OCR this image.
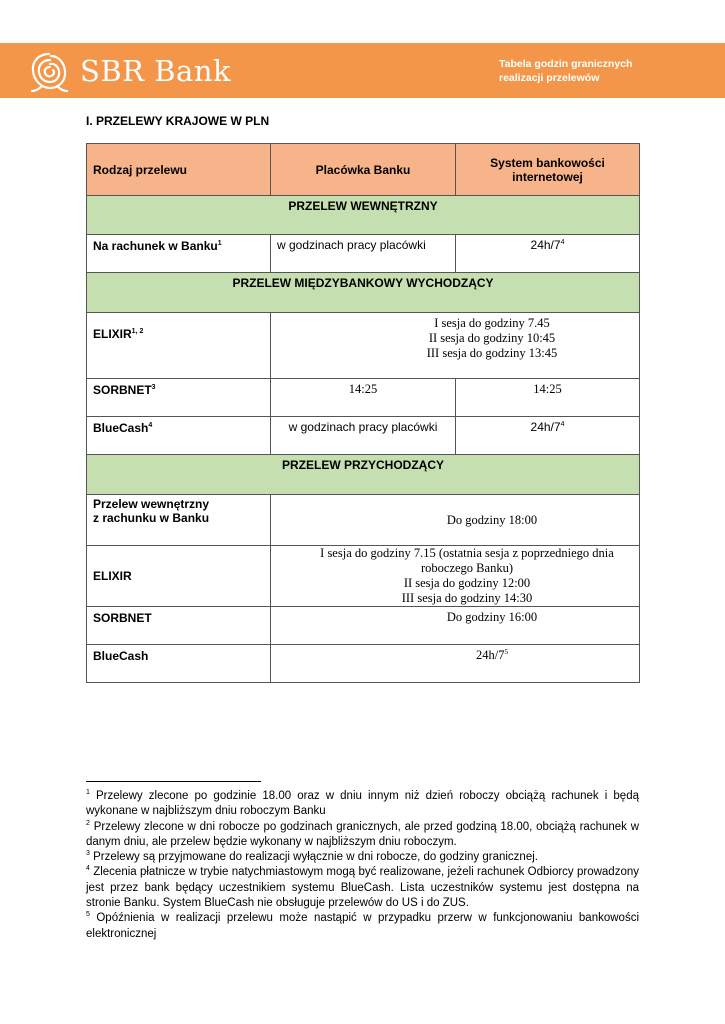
SBR Bank	Tabela godzin granicznych
realizacji przelewów
I. PRZELEWY KRAJOWE W PLN
Rodzaj przelewu	Placówka Banku	System bankowości internetowej
PRZELEW WEWNĘTRZNY		
Na rachunek w Banku$^1$	w godzinach pracy placówki	$24h/7^4$
PRZELEW MIĘDZYBANKOWY WYCHODZĄCY		
ELIXIR$^{1, 2}$	I sesja do godziny 7.45
II sesja do godziny 10:45
III sesja do godziny 13:45	

SORBNET$^3$	14:25	14:25
BlueCash$^4$	w godzinach pracy placówki	$24h/7^4$
PRZELEW PRZYCHODZĄCY		

Przelew wewnętrzny
z rachunku w Banku	Do godziny 18:00	
ELIXIR	I sesja do godziny 7.15 (ostatnia sesja z poprzedniego dnia
roboczego Banku)
II sesja do godziny 12:00
III sesja do godziny 14:30	

SORBNET	Do godziny 16:00	
BlueCash	$24h/7^5$

$^1$ Przelewy zlecone po godzinie 18.00 oraz w dniu innym niż dzień roboczy obciążą rachunek i będą wykonane w najbliższym dniu roboczym Banku

$^2$ Przelewy zlecone w dni robocze po godzinach granicznych, ale przed godziną 18.00, obciążą rachunek w danym dniu, ale przelew będzie wykonany w najbliższym dniu roboczym.

$^3$ Przelewy są przyjmowane do realizacji wyłącznie w dni robocze, do godziny granicznej.

$^4$ Zlecenia płatnicze w trybie natychmiastowym mogą być realizowane, jeżeli rachunek Odbiorcy prowadzony jest przez bank będący uczestnikiem systemu BlueCash. Lista uczestników systemu jest dostępna na stronie Banku. System BlueCash nie obsługuje przelewów do US i do ZUS.

$^5$ Opóźnienia w realizacji przelewu może nastąpić w przypadku przerw w funkcjonowaniu bankowości elektronicznej
